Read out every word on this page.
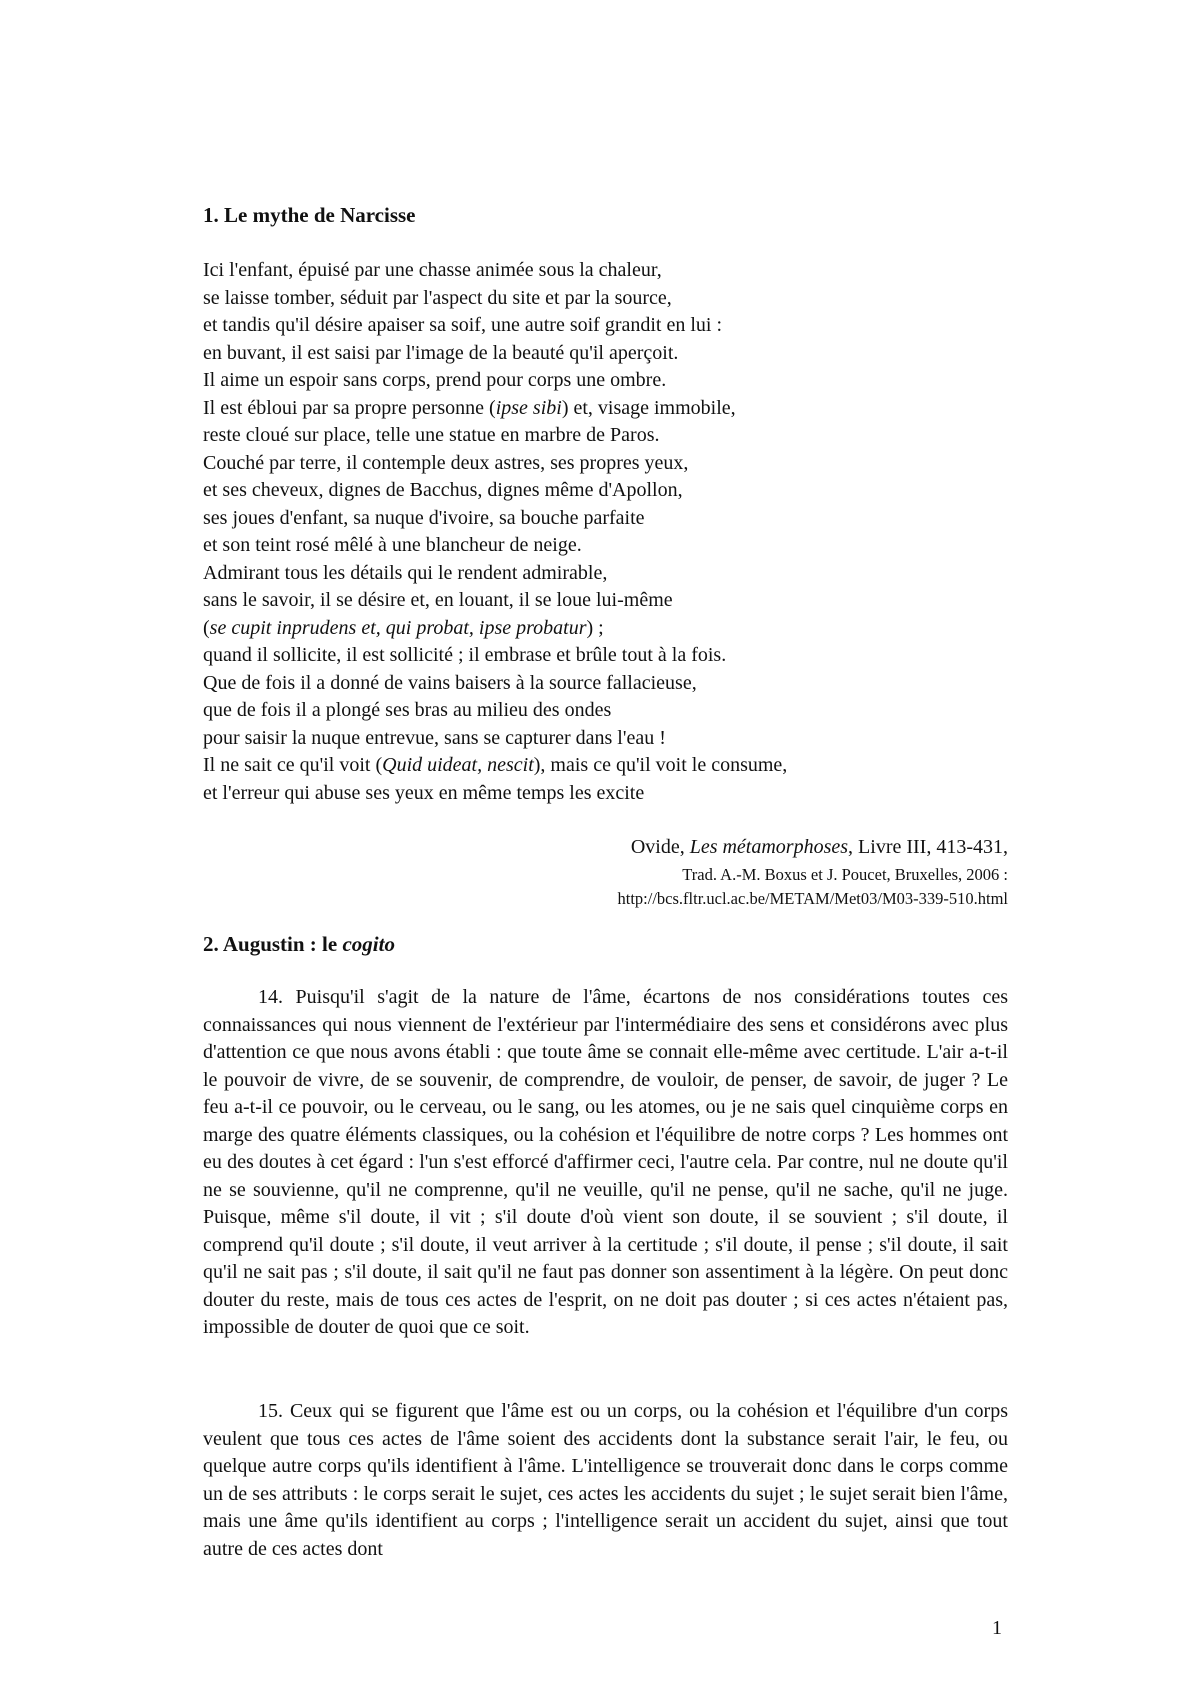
1. Le mythe de Narcisse
Ici l'enfant, épuisé par une chasse animée sous la chaleur,
se laisse tomber, séduit par l'aspect du site et par la source,
et tandis qu'il désire apaiser sa soif, une autre soif grandit en lui :
en buvant, il est saisi par l'image de la beauté qu'il aperçoit.
Il aime un espoir sans corps, prend pour corps une ombre.
Il est ébloui par sa propre personne (ipse sibi) et, visage immobile,
reste cloué sur place, telle une statue en marbre de Paros.
Couché par terre, il contemple deux astres, ses propres yeux,
et ses cheveux, dignes de Bacchus, dignes même d'Apollon,
ses joues d'enfant, sa nuque d'ivoire, sa bouche parfaite
et son teint rosé mêlé à une blancheur de neige.
Admirant tous les détails qui le rendent admirable,
sans le savoir, il se désire et, en louant, il se loue lui-même
(se cupit inprudens et, qui probat, ipse probatur) ;
quand il sollicite, il est sollicité ; il embrase et brûle tout à la fois.
Que de fois il a donné de vains baisers à la source fallacieuse,
que de fois il a plongé ses bras au milieu des ondes
pour saisir la nuque entrevue, sans se capturer dans l'eau !
Il ne sait ce qu'il voit (Quid uideat, nescit), mais ce qu'il voit le consume,
et l'erreur qui abuse ses yeux en même temps les excite
Ovide, Les métamorphoses, Livre III, 413-431,
Trad. A.-M. Boxus et J. Poucet, Bruxelles, 2006 :
http://bcs.fltr.ucl.ac.be/METAM/Met03/M03-339-510.html
2. Augustin : le cogito

14. Puisqu'il s'agit de la nature de l'âme, écartons de nos considérations toutes ces connaissances qui nous viennent de l'extérieur par l'intermédiaire des sens et considérons avec plus d'attention ce que nous avons établi : que toute âme se connait elle-même avec certitude. L'air a-t-il le pouvoir de vivre, de se souvenir, de comprendre, de vouloir, de penser, de savoir, de juger ? Le feu a-t-il ce pouvoir, ou le cerveau, ou le sang, ou les atomes, ou je ne sais quel cinquième corps en marge des quatre éléments classiques, ou la cohésion et l'équilibre de notre corps ? Les hommes ont eu des doutes à cet égard : l'un s'est efforcé d'affirmer ceci, l'autre cela. Par contre, nul ne doute qu'il ne se souvienne, qu'il ne comprenne, qu'il ne veuille, qu'il ne pense, qu'il ne sache, qu'il ne juge. Puisque, même s'il doute, il vit ; s'il doute d'où vient son doute, il se souvient ; s'il doute, il comprend qu'il doute ; s'il doute, il veut arriver à la certitude ; s'il doute, il pense ; s'il doute, il sait qu'il ne sait pas ; s'il doute, il sait qu'il ne faut pas donner son assentiment à la légère. On peut donc douter du reste, mais de tous ces actes de l'esprit, on ne doit pas douter ; si ces actes n'étaient pas, impossible de douter de quoi que ce soit.

15. Ceux qui se figurent que l'âme est ou un corps, ou la cohésion et l'équilibre d'un corps veulent que tous ces actes de l'âme soient des accidents dont la substance serait l'air, le feu, ou quelque autre corps qu'ils identifient à l'âme. L'intelligence se trouverait donc dans le corps comme un de ses attributs : le corps serait le sujet, ces actes les accidents du sujet ; le sujet serait bien l'âme, mais une âme qu'ils identifient au corps ; l'intelligence serait un accident du sujet, ainsi que tout autre de ces actes dont

1
